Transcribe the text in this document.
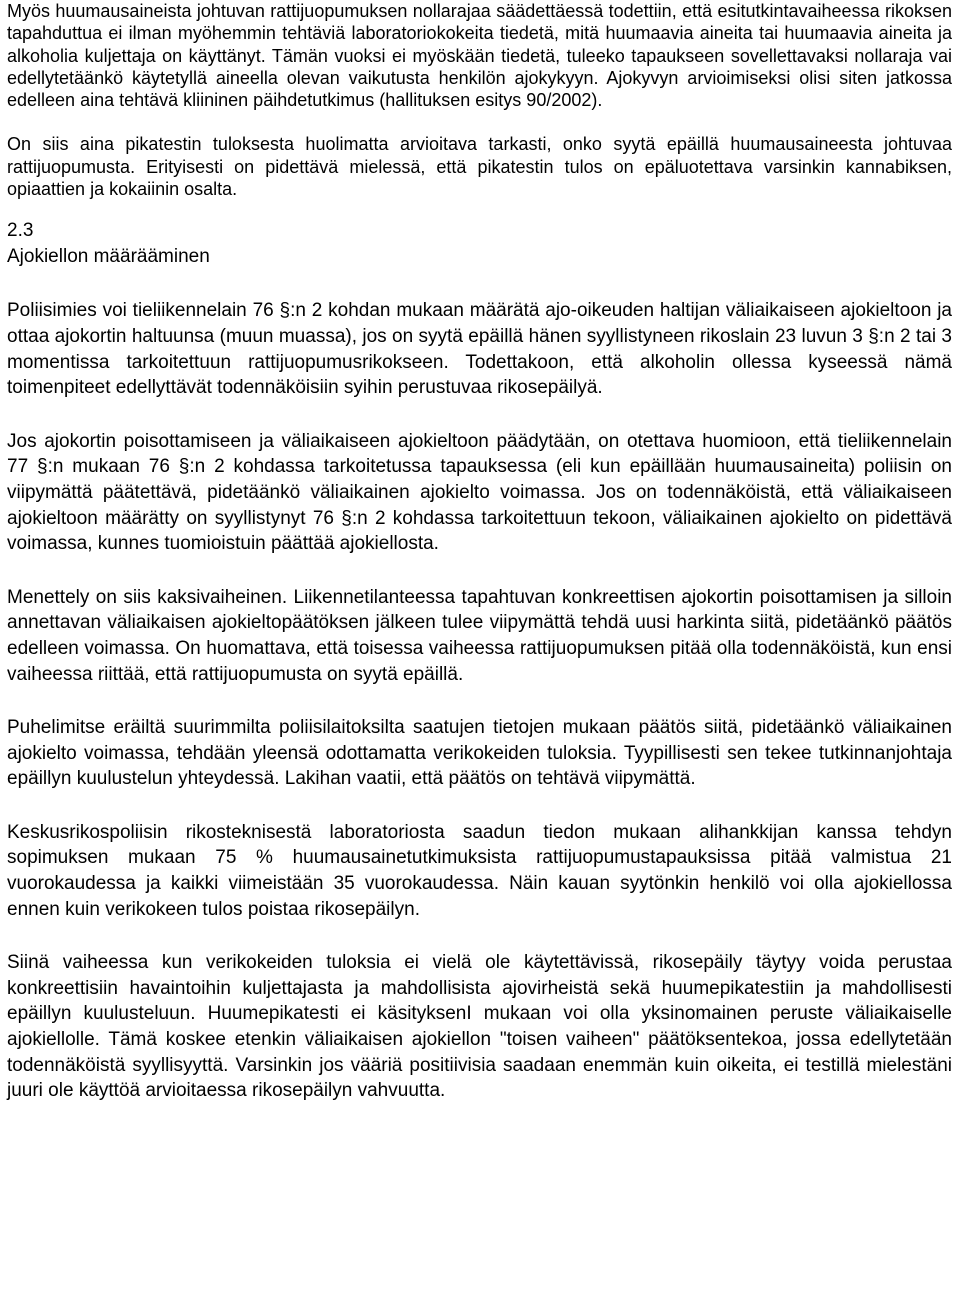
Myös huumausaineista johtuvan rattijuopumuksen nollarajaa säädettäessä todettiin, että esitutkintavaiheessa rikoksen tapahduttua ei ilman myöhemmin tehtäviä laboratoriokokeita tiedetä, mitä huumaavia aineita tai huumaavia aineita ja alkoholia kuljettaja on käyttänyt. Tämän vuoksi ei myöskään tiedetä, tuleeko tapaukseen sovellettavaksi nollaraja vai edellytetäänkö käytetyllä aineella olevan vaikutusta henkilön ajokykyyn. Ajokyvyn arvioimiseksi olisi siten jatkossa edelleen aina tehtävä kliininen päihdetutkimus (hallituksen esitys 90/2002).

On siis aina pikatestin tuloksesta huolimatta arvioitava tarkasti, onko syytä epäillä huumausaineesta johtuvaa rattijuopumusta. Erityisesti on pidettävä mielessä, että pikatestin tulos on epäluotettava varsinkin kannabiksen, opiaattien ja kokaiinin osalta.

2.3
Ajokiellon määrääminen

Poliisimies voi tieliikennelain 76 §:n 2 kohdan mukaan määrätä ajo-oikeuden haltijan väliaikaiseen ajokieltoon ja ottaa ajokortin haltuunsa (muun muassa), jos on syytä epäillä hänen syyllistyneen rikoslain 23 luvun 3 §:n 2 tai 3 momentissa tarkoitettuun rattijuopumusrikokseen. Todettakoon, että alkoholin ollessa kyseessä nämä toimenpiteet edellyttävät todennäköisiin syihin perustuvaa rikosepäilyä.

Jos ajokortin poisottamiseen ja väliaikaiseen ajokieltoon päädytään, on otettava huomioon, että tieliikennelain 77 §:n mukaan 76 §:n 2 kohdassa tarkoitetussa tapauksessa (eli kun epäillään huumausaineita) poliisin on viipymättä päätettävä, pidetäänkö väliaikainen ajokielto voimassa. Jos on todennäköistä, että väliaikaiseen ajokieltoon määrätty on syyllistynyt 76 §:n 2 kohdassa tarkoitettuun tekoon, väliaikainen ajokielto on pidettävä voimassa, kunnes tuomioistuin päättää ajokiellosta.

Menettely on siis kaksivaiheinen. Liikennetilanteessa tapahtuvan konkreettisen ajokortin poisottamisen ja silloin annettavan väliaikaisen ajokieltopäätöksen jälkeen tulee viipymättä tehdä uusi harkinta siitä, pidetäänkö päätös edelleen voimassa. On huomattava, että toisessa vaiheessa rattijuopumuksen pitää olla todennäköistä, kun ensi vaiheessa riittää, että rattijuopumusta on syytä epäillä.

Puhelimitse eräiltä suurimmilta poliisilaitoksilta saatujen tietojen mukaan päätös siitä, pidetäänkö väliaikainen ajokielto voimassa, tehdään yleensä odottamatta verikokeiden tuloksia. Tyypillisesti sen tekee tutkinnanjohtaja epäillyn kuulustelun yhteydessä. Lakihan vaatii, että päätös on tehtävä viipymättä.

Keskusrikospoliisin rikosteknisestä laboratoriosta saadun tiedon mukaan alihankkijan kanssa tehdyn sopimuksen mukaan 75 % huumausainetutkimuksista rattijuopumustapauksissa pitää valmistua 21 vuorokaudessa ja kaikki viimeistään 35 vuorokaudessa. Näin kauan syytönkin henkilö voi olla ajokiellossa ennen kuin verikokeen tulos poistaa rikosepäilyn.

Siinä vaiheessa kun verikokeiden tuloksia ei vielä ole käytettävissä, rikosepäily täytyy voida perustaa konkreettisiin havaintoihin kuljettajasta ja mahdollisista ajovirheistä sekä huumepikatestiin ja mahdollisesti epäillyn kuulusteluun. Huumepikatesti ei käsityksenI mukaan voi olla yksinomainen peruste väliaikaiselle ajokiellolle. Tämä koskee etenkin väliaikaisen ajokiellon "toisen vaiheen" päätöksentekoa, jossa edellytetään todennäköistä syyllisyyttä. Varsinkin jos vääriä positiivisia saadaan enemmän kuin oikeita, ei testillä mielestäni juuri ole käyttöä arvioitaessa rikosepäilyn vahvuutta.
